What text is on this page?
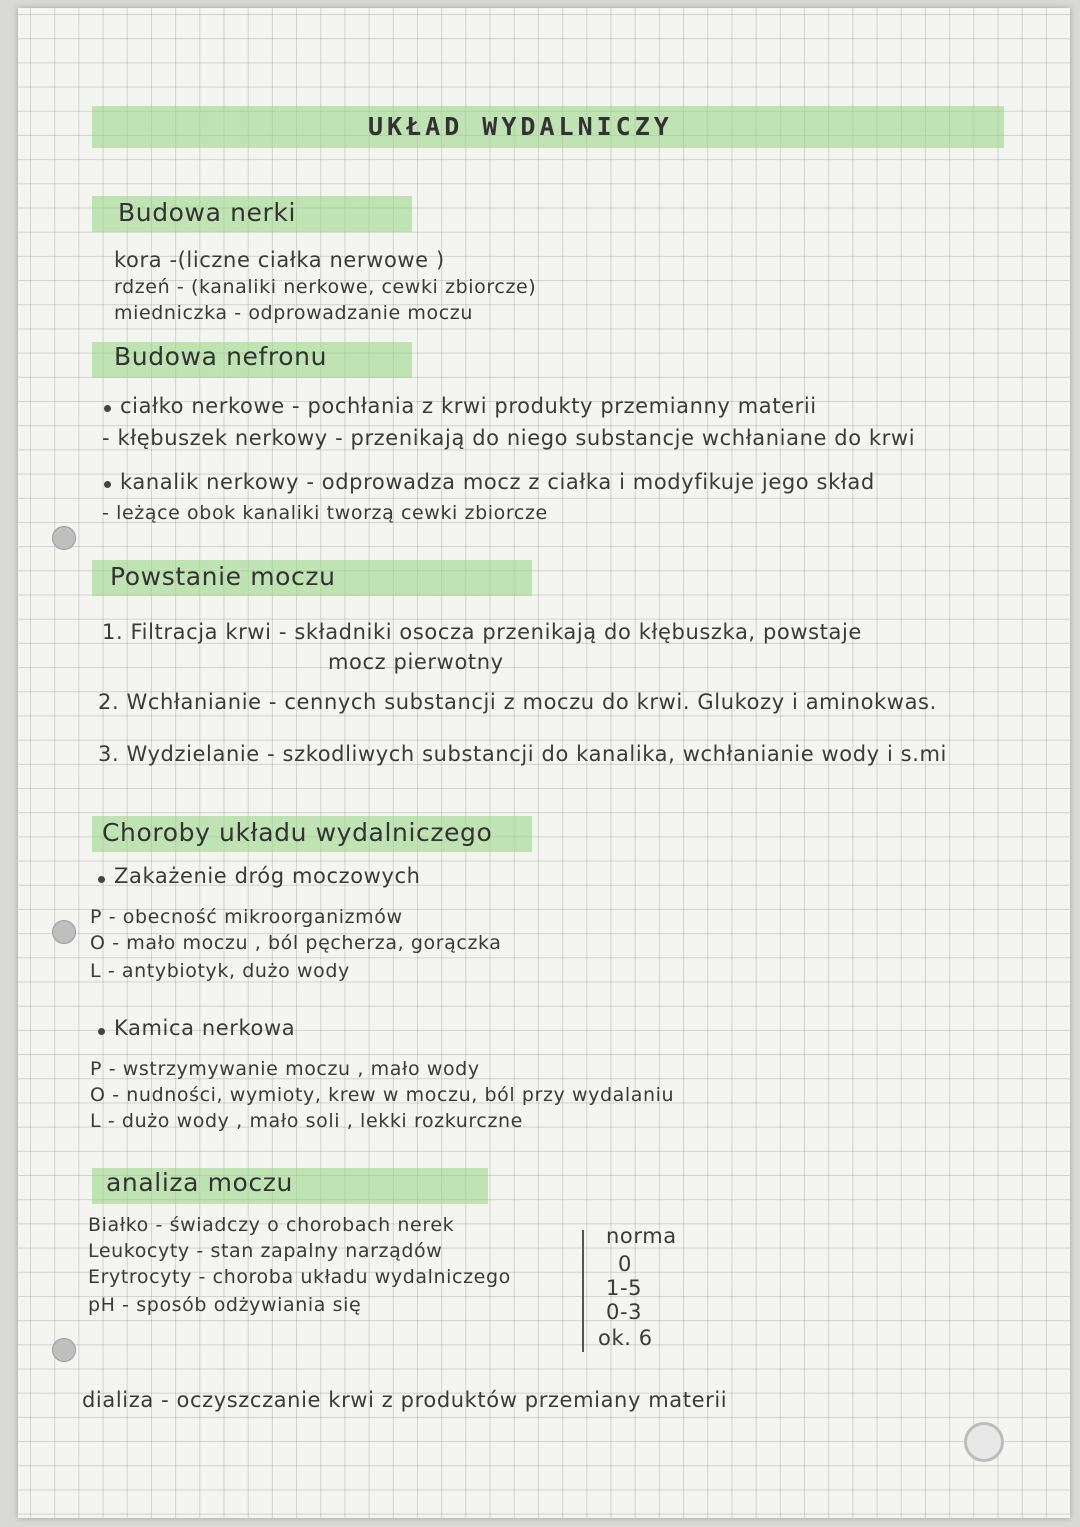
UKŁAD WYDALNICZY
Budowa nerki
kora -(liczne ciałka nerwowe )
rdzeń - (kanaliki nerkowe, cewki zbiorcze)
miedniczka - odprowadzanie moczu
Budowa nefronu
ciałko nerkowe - pochłania z krwi produkty przemianny materii
- kłębuszek nerkowy - przenikają do niego substancje wchłaniane do krwi
kanalik nerkowy - odprowadza mocz z ciałka i modyfikuje jego skład
- leżące obok kanaliki tworzą cewki zbiorcze
Powstanie moczu
1. Filtracja krwi - składniki osocza przenikają do kłębuszka, powstaje
mocz pierwotny
2. Wchłanianie - cennych substancji z moczu do krwi. Glukozy i aminokwas.
3. Wydzielanie - szkodliwych substancji do kanalika, wchłanianie wody i s.mi
Choroby układu wydalniczego
Zakażenie dróg moczowych
P - obecność mikroorganizmów
O - mało moczu , ból pęcherza, gorączka
L - antybiotyk, dużo wody
Kamica nerkowa
P - wstrzymywanie moczu , mało wody
O - nudności, wymioty, krew w moczu, ból przy wydalaniu
L - dużo wody , mało soli , lekki rozkurczne
analiza moczu
Białko - świadczy o chorobach nerek
Leukocyty - stan zapalny narządów
Erytrocyty - choroba układu wydalniczego
pH - sposób odżywiania się
norma
0
1-5
0-3
ok. 6
dializa - oczyszczanie krwi z produktów przemiany materii
